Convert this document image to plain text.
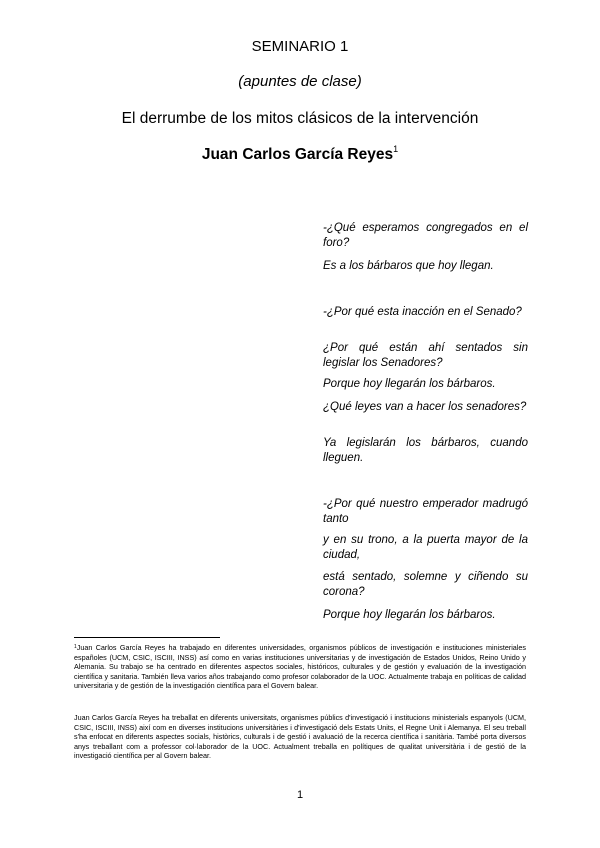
SEMINARIO 1
(apuntes de clase)
El derrumbe de los mitos clásicos de la intervención
Juan Carlos García Reyes$^1$

-¿Qué esperamos congregados en el foro?

Es a los bárbaros que hoy llegan.

-¿Por qué esta inacción en el Senado?

¿Por qué están ahí sentados sin legislar los Senadores?

Porque hoy llegarán los bárbaros.

¿Qué leyes van a hacer los senadores?

Ya legislarán los bárbaros, cuando lleguen.

-¿Por qué nuestro emperador madrugó tanto

y en su trono, a la puerta mayor de la ciudad,

está sentado, solemne y ciñendo su corona?

Porque hoy llegarán los bárbaros.

$^1$Juan Carlos García Reyes ha trabajado en diferentes universidades, organismos públicos de investigación e instituciones ministeriales españoles (UCM, CSIC, ISCIII, INSS) así como en varias instituciones universitarias y de investigación de Estados Unidos, Reino Unido y Alemania. Su trabajo se ha centrado en diferentes aspectos sociales, históricos, culturales y de gestión y evaluación de la investigación científica y sanitaria. También lleva varios años trabajando como profesor colaborador de la UOC. Actualmente trabaja en políticas de calidad universitaria y de gestión de la investigación científica para el Govern balear.
Juan Carlos García Reyes ha treballat en diferents universitats, organismes públics d'investigació i institucions ministerials espanyols (UCM, CSIC, ISCIII, INSS) així com en diverses institucions universitàries i d'investigació dels Estats Units, el Regne Unit i Alemanya. El seu treball s'ha enfocat en diferents aspectes socials, històrics, culturals i de gestió i avaluació de la recerca científica i sanitària. També porta diversos anys treballant com a professor col·laborador de la UOC. Actualment treballa en polítiques de qualitat universitària i de gestió de la investigació científica per al Govern balear.
1
